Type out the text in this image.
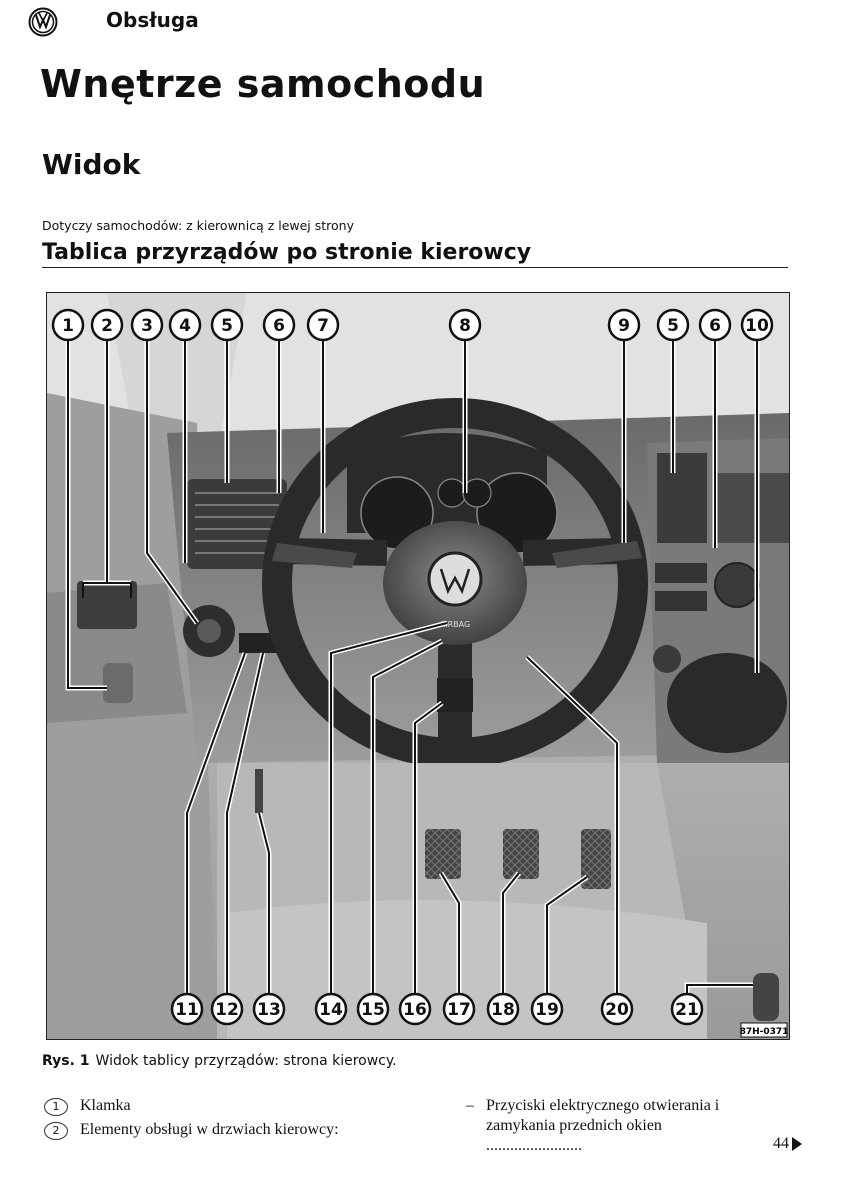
Obsługa
Wnętrze samochodu
Widok
Dotyczy samochodów: z kierownicą z lewej strony
Tablica przyrządów po stronie kierowcy
AIRBAG
87H-0371
1 2 3 4 5 6 7	8	9 5 6 10
11 12 13 14 15 16 17 18 19	20	21
Rys. 1 Widok tablicy przyrządów: strona kierowcy.
1	Klamka
2	Elementy obsługi w drzwiach kierowcy:
– Przyciski elektrycznego otwierania i zamykania przednich okien ........................	44
